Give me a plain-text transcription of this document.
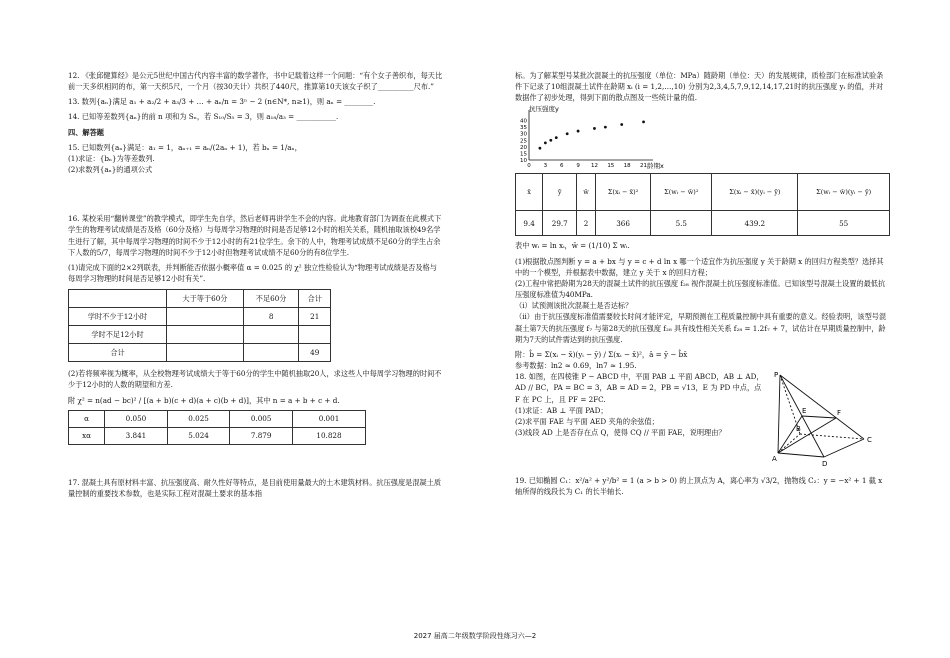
12. 《张邱健算经》是公元5世纪中国古代内容丰富的数学著作，书中记载着这样一个问题：“有个女子善织布，每天比前一天多织相同的布，第一天织5尺，一个月（按30天计）共织了440尺，推算第10天该女子织了__________尺布.”

13. 数列{aₙ}满足 a₁ + a₂/2 + a₃/3 + … + aₙ/n = 3ⁿ − 2 (n∈N*, n≥1)，则 aₙ = ________.

14. 已知等差数列{aₙ}的前 n 项和为 Sₙ，若 S₁₀/S₅ = 3，则 a₁₈/a₃ = ___________.

四、解答题

15. 已知数列{aₙ}满足：a₁ = 1，aₙ₊₁ = aₙ/(2aₙ + 1)，若 bₙ = 1/aₙ，

(1)求证：{bₙ}为等差数列.

(2)求数列{aₙ}的通项公式

16. 某校采用“翻转课堂”的教学模式，即学生先自学，然后老师再讲学生不会的内容。此地教育部门为调查在此模式下学生的物理考试成绩是否及格（60分及格）与每周学习物理的时间是否足够12小时的相关关系，随机抽取该校49名学生进行了解，其中每周学习物理的时间不少于12小时的有21位学生。余下的人中，物理考试成绩不足60分的学生占余下人数的5/7，每周学习物理的时间不少于12小时但物理考试成绩不足60分的有8位学生.

(1)请完成下面的2×2列联表，并判断能否依据小概率值 α = 0.025 的 χ² 独立性检验认为“物理考试成绩是否及格与每周学习物理的时间是否足够12小时有关”.

	大于等于60分	不足60分	合计
学时不少于12小时		8	21
学时不足12小时			
合计			49

(2)若将频率视为概率，从全校物理考试成绩大于等于60分的学生中随机抽取20人，求这些人中每周学习物理的时间不少于12小时的人数的期望和方差.

附 χ² = n(ad − bc)² / [(a + b)(c + d)(a + c)(b + d)]，其中 n = a + b + c + d.

α	0.050	0.025	0.005	0.001
xα	3.841	5.024	7.879	10.828

17. 混凝土具有原材料丰富、抗压强度高、耐久性好等特点，是目前使用量最大的土木建筑材料。抗压强度是混凝土质量控制的重要技术参数，也是实际工程对混凝土要求的基本指

标。为了解某型号某批次混凝土的抗压强度（单位：MPa）随龄期（单位：天）的发展规律，质检部门在标准试验条件下记录了10组混凝土试件在龄期 xᵢ (i = 1,2,…,10) 分别为2,3,4,5,7,9,12,14,17,21时的抗压强度 yᵢ 的值，并对数据作了初步处理，得到下面的散点图及一些统计量的值.

0 3 6 9 12 15 18 21
10
15
20
25
30
35
40
抗压强度y
龄期x
x̄	ȳ	w̄	Σ(xᵢ − x̄)²	Σ(wᵢ − w̄)²	Σ(xᵢ − x̄)(yᵢ − ȳ)	Σ(wᵢ − w̄)(yᵢ − ȳ)
9.4	29.7	2	366	5.5	439.2	55

表中 wᵢ = ln xᵢ，w̄ = (1/10) Σ wᵢ.

(1)根据散点图判断 y = a + bx 与 y = c + d ln x 哪一个适宜作为抗压强度 y 关于龄期 x 的回归方程类型？选择其中的一个模型，并根据表中数据，建立 y 关于 x 的回归方程；

(2)工程中常把龄期为28天的混凝土试件的抗压强度 f₂₈ 视作混凝土抗压强度标准值。已知该型号混凝土设置的最低抗压强度标准值为40MPa.

（i）试预测该批次混凝土是否达标？

（ii）由于抗压强度标准值需要较长时间才能评定，早期预测在工程质量控制中具有重要的意义。经验表明，该型号混凝土第7天的抗压强度 f₇ 与第28天的抗压强度 f₂₈ 具有线性相关关系 f₂₈ = 1.2f₇ + 7，试估计在早期质量控制中，龄期为7天的试件需达到的抗压强度.

附：b̂ = Σ(xᵢ − x̄)(yᵢ − ȳ) / Σ(xᵢ − x̄)²，â = ȳ − b̂x̄

参考数据：ln2 ≈ 0.69，ln7 ≈ 1.95.

P
E	F
B
C
A
D

18. 如图，在四棱锥 P − ABCD 中，平面 PAB ⊥ 平面 ABCD，AB ⊥ AD，AD // BC，PA = BC = 3，AB = AD = 2，PB = √13，E 为 PD 中点，点 F 在 PC 上，且 PF = 2FC.

(1)求证：AB ⊥ 平面 PAD；

(2)求平面 FAE 与平面 AED 夹角的余弦值；

(3)线段 AD 上是否存在点 Q，使得 CQ // 平面 FAE，说明理由？

19. 已知椭圆 C₁：x²/a² + y²/b² = 1 (a > b > 0) 的上顶点为 A，离心率为 √3/2，抛物线 C₂：y = −x² + 1 截 x 轴所得的线段长为 C₁ 的长半轴长.

2027 届高二年级数学阶段性练习六—2
